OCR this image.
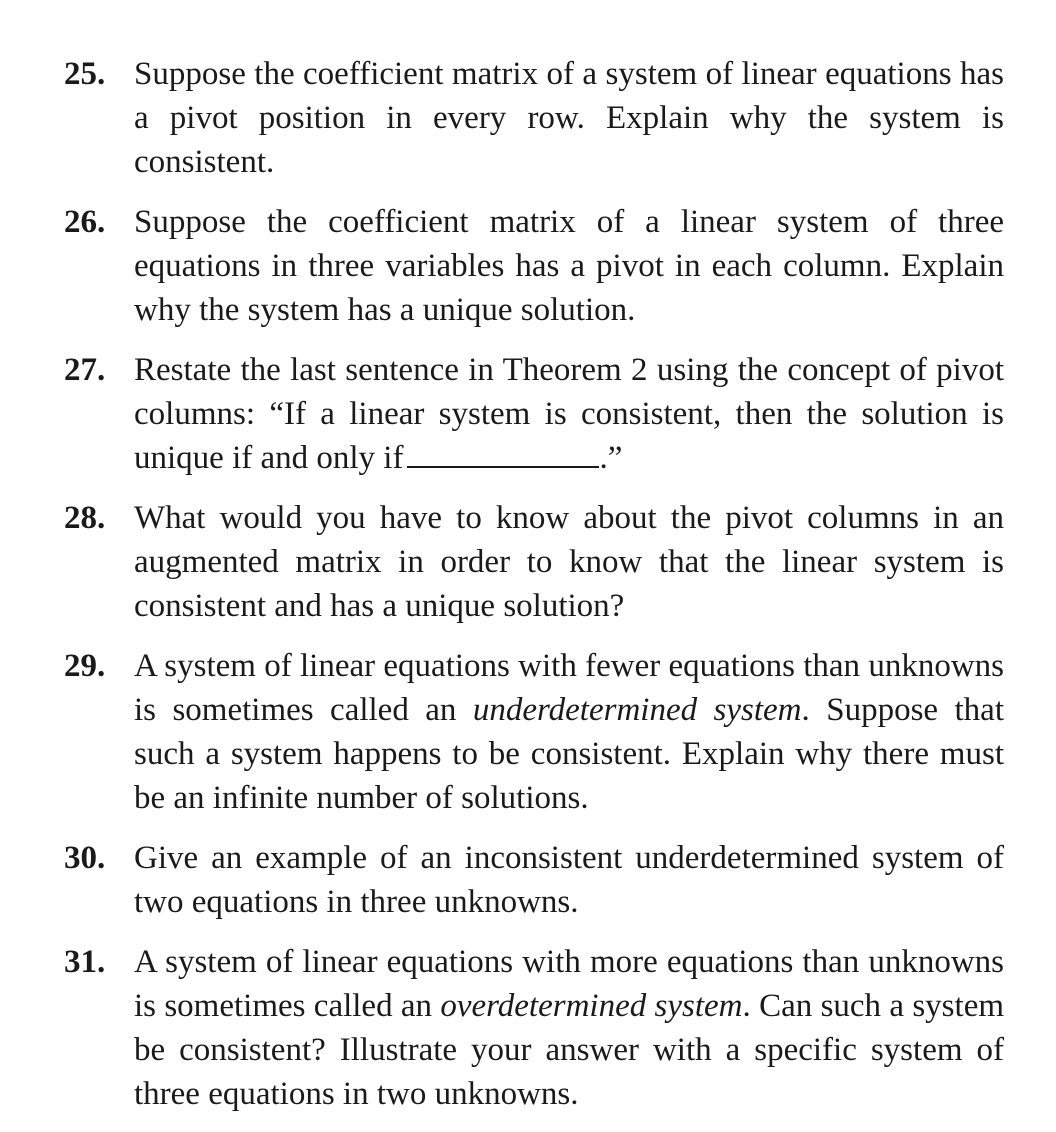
25. Suppose the coefficient matrix of a system of linear equations has a pivot position in every row. Explain why the system is consistent.
26. Suppose the coefficient matrix of a linear system of three equations in three variables has a pivot in each column. Explain why the system has a unique solution.
27. Restate the last sentence in Theorem 2 using the concept of pivot columns: “If a linear system is consistent, then the solution is unique if and only if	.”
28. What would you have to know about the pivot columns in an augmented matrix in order to know that the linear system is consistent and has a unique solution?
29. A system of linear equations with fewer equations than unknowns is sometimes called an underdetermined system. Suppose that such a system happens to be consistent. Explain why there must be an infinite number of solutions.
30. Give an example of an inconsistent underdetermined system of two equations in three unknowns.
31. A system of linear equations with more equations than unknowns is sometimes called an overdetermined system. Can such a system be consistent? Illustrate your answer with a specific system of three equations in two unknowns.
